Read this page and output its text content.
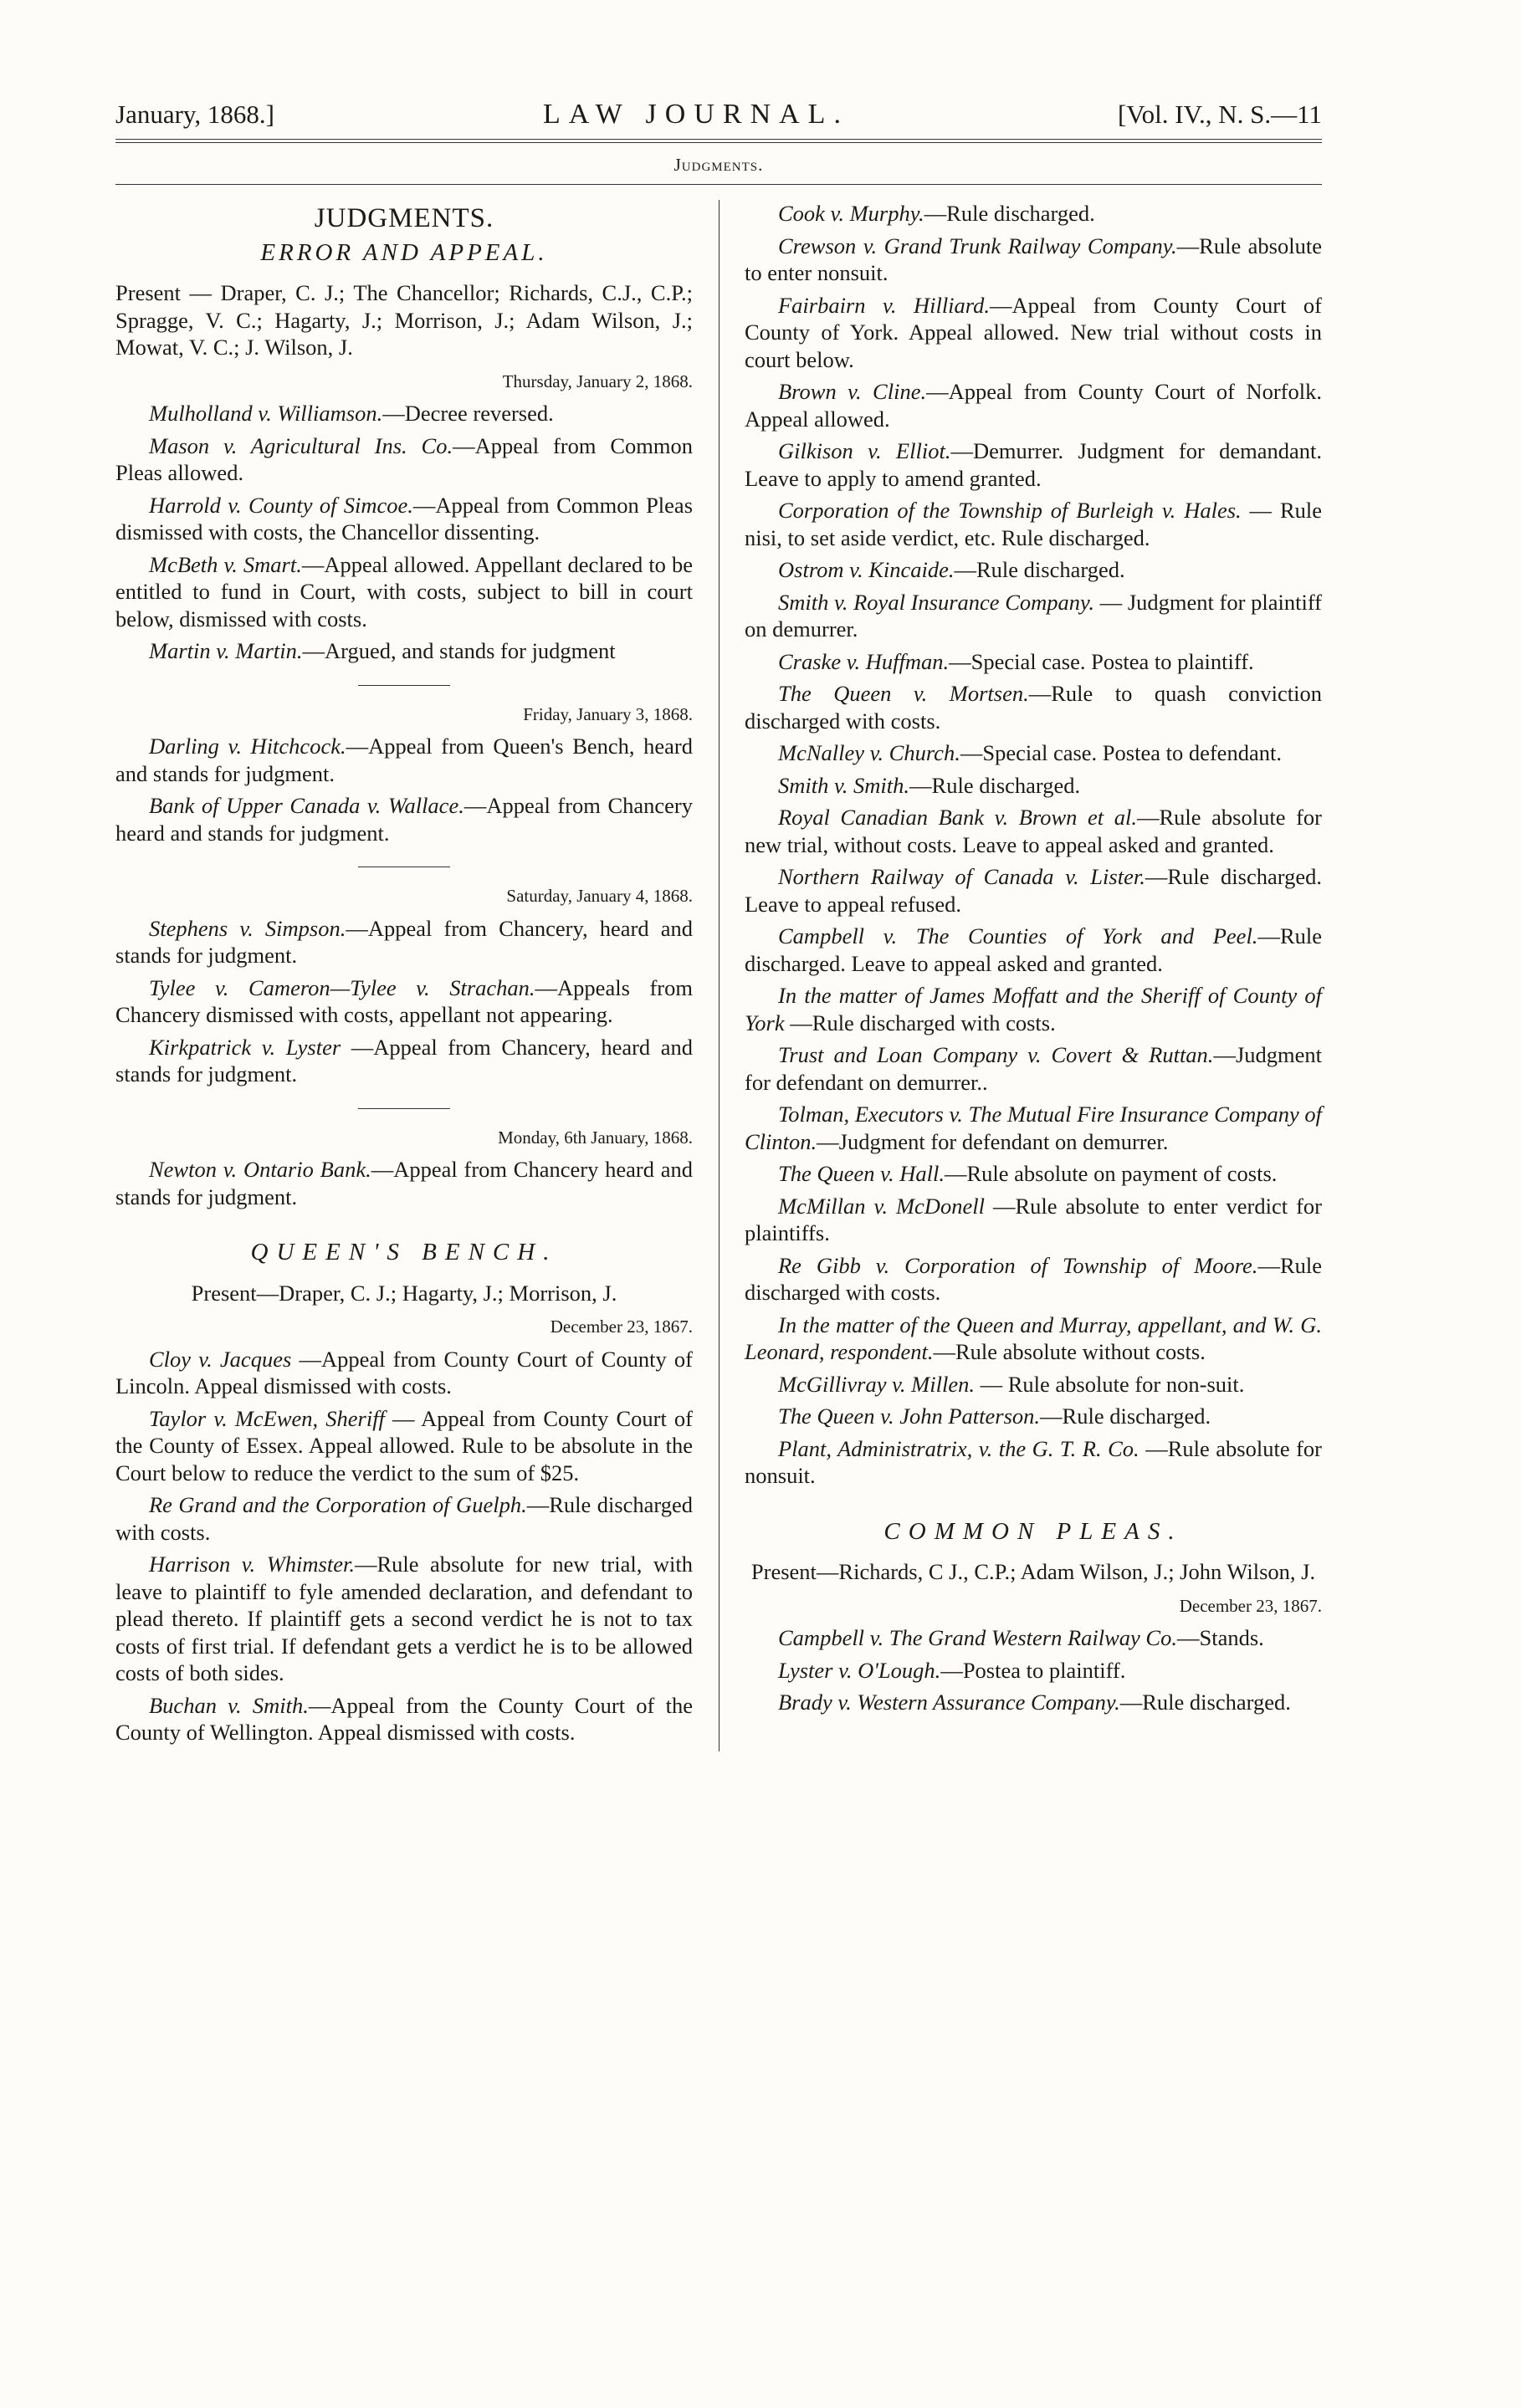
January, 1868.]	LAW JOURNAL.	[Vol. IV., N. S.—11
Judgments.
JUDGMENTS.
ERROR AND APPEAL.

Present — Draper, C. J.; The Chancellor; Richards, C.J., C.P.; Spragge, V. C.; Hagarty, J.; Morrison, J.; Adam Wilson, J.; Mowat, V. C.; J. Wilson, J.

Thursday, January 2, 1868.

Mulholland v. Williamson.—Decree reversed.

Mason v. Agricultural Ins. Co.—Appeal from Common Pleas allowed.

Harrold v. County of Simcoe.—Appeal from Common Pleas dismissed with costs, the Chancellor dissenting.

McBeth v. Smart.—Appeal allowed. Appellant declared to be entitled to fund in Court, with costs, subject to bill in court below, dismissed with costs.

Martin v. Martin.—Argued, and stands for judgment

Friday, January 3, 1868.

Darling v. Hitchcock.—Appeal from Queen's Bench, heard and stands for judgment.

Bank of Upper Canada v. Wallace.—Appeal from Chancery heard and stands for judgment.

Saturday, January 4, 1868.

Stephens v. Simpson.—Appeal from Chancery, heard and stands for judgment.

Tylee v. Cameron—Tylee v. Strachan.—Appeals from Chancery dismissed with costs, appellant not appearing.

Kirkpatrick v. Lyster —Appeal from Chancery, heard and stands for judgment.

Monday, 6th January, 1868.

Newton v. Ontario Bank.—Appeal from Chancery heard and stands for judgment.

QUEEN'S BENCH.

Present—Draper, C. J.; Hagarty, J.; Morrison, J.

December 23, 1867.

Cloy v. Jacques —Appeal from County Court of County of Lincoln. Appeal dismissed with costs.

Taylor v. McEwen, Sheriff — Appeal from County Court of the County of Essex. Appeal allowed. Rule to be absolute in the Court below to reduce the verdict to the sum of $25.

Re Grand and the Corporation of Guelph.—Rule discharged with costs.

Harrison v. Whimster.—Rule absolute for new trial, with leave to plaintiff to fyle amended declaration, and defendant to plead thereto. If plaintiff gets a second verdict he is not to tax costs of first trial. If defendant gets a verdict he is to be allowed costs of both sides.

Buchan v. Smith.—Appeal from the County Court of the County of Wellington. Appeal dismissed with costs.

Cook v. Murphy.—Rule discharged.

Crewson v. Grand Trunk Railway Company.—Rule absolute to enter nonsuit.

Fairbairn v. Hilliard.—Appeal from County Court of County of York. Appeal allowed. New trial without costs in court below.

Brown v. Cline.—Appeal from County Court of Norfolk. Appeal allowed.

Gilkison v. Elliot.—Demurrer. Judgment for demandant. Leave to apply to amend granted.

Corporation of the Township of Burleigh v. Hales. — Rule nisi, to set aside verdict, etc. Rule discharged.

Ostrom v. Kincaide.—Rule discharged.

Smith v. Royal Insurance Company. — Judgment for plaintiff on demurrer.

Craske v. Huffman.—Special case. Postea to plaintiff.

The Queen v. Mortsen.—Rule to quash conviction discharged with costs.

McNalley v. Church.—Special case. Postea to defendant.

Smith v. Smith.—Rule discharged.

Royal Canadian Bank v. Brown et al.—Rule absolute for new trial, without costs. Leave to appeal asked and granted.

Northern Railway of Canada v. Lister.—Rule discharged. Leave to appeal refused.

Campbell v. The Counties of York and Peel.—Rule discharged. Leave to appeal asked and granted.

In the matter of James Moffatt and the Sheriff of County of York —Rule discharged with costs.

Trust and Loan Company v. Covert & Ruttan.—Judgment for defendant on demurrer..

Tolman, Executors v. The Mutual Fire Insurance Company of Clinton.—Judgment for defendant on demurrer.

The Queen v. Hall.—Rule absolute on payment of costs.

McMillan v. McDonell —Rule absolute to enter verdict for plaintiffs.

Re Gibb v. Corporation of Township of Moore.—Rule discharged with costs.

In the matter of the Queen and Murray, appellant, and W. G. Leonard, respondent.—Rule absolute without costs.

McGillivray v. Millen. — Rule absolute for non-suit.

The Queen v. John Patterson.—Rule discharged.

Plant, Administratrix, v. the G. T. R. Co. —Rule absolute for nonsuit.

COMMON PLEAS.

Present—Richards, C J., C.P.; Adam Wilson, J.; John Wilson, J.

December 23, 1867.

Campbell v. The Grand Western Railway Co.—Stands.

Lyster v. O'Lough.—Postea to plaintiff.

Brady v. Western Assurance Company.—Rule discharged.
